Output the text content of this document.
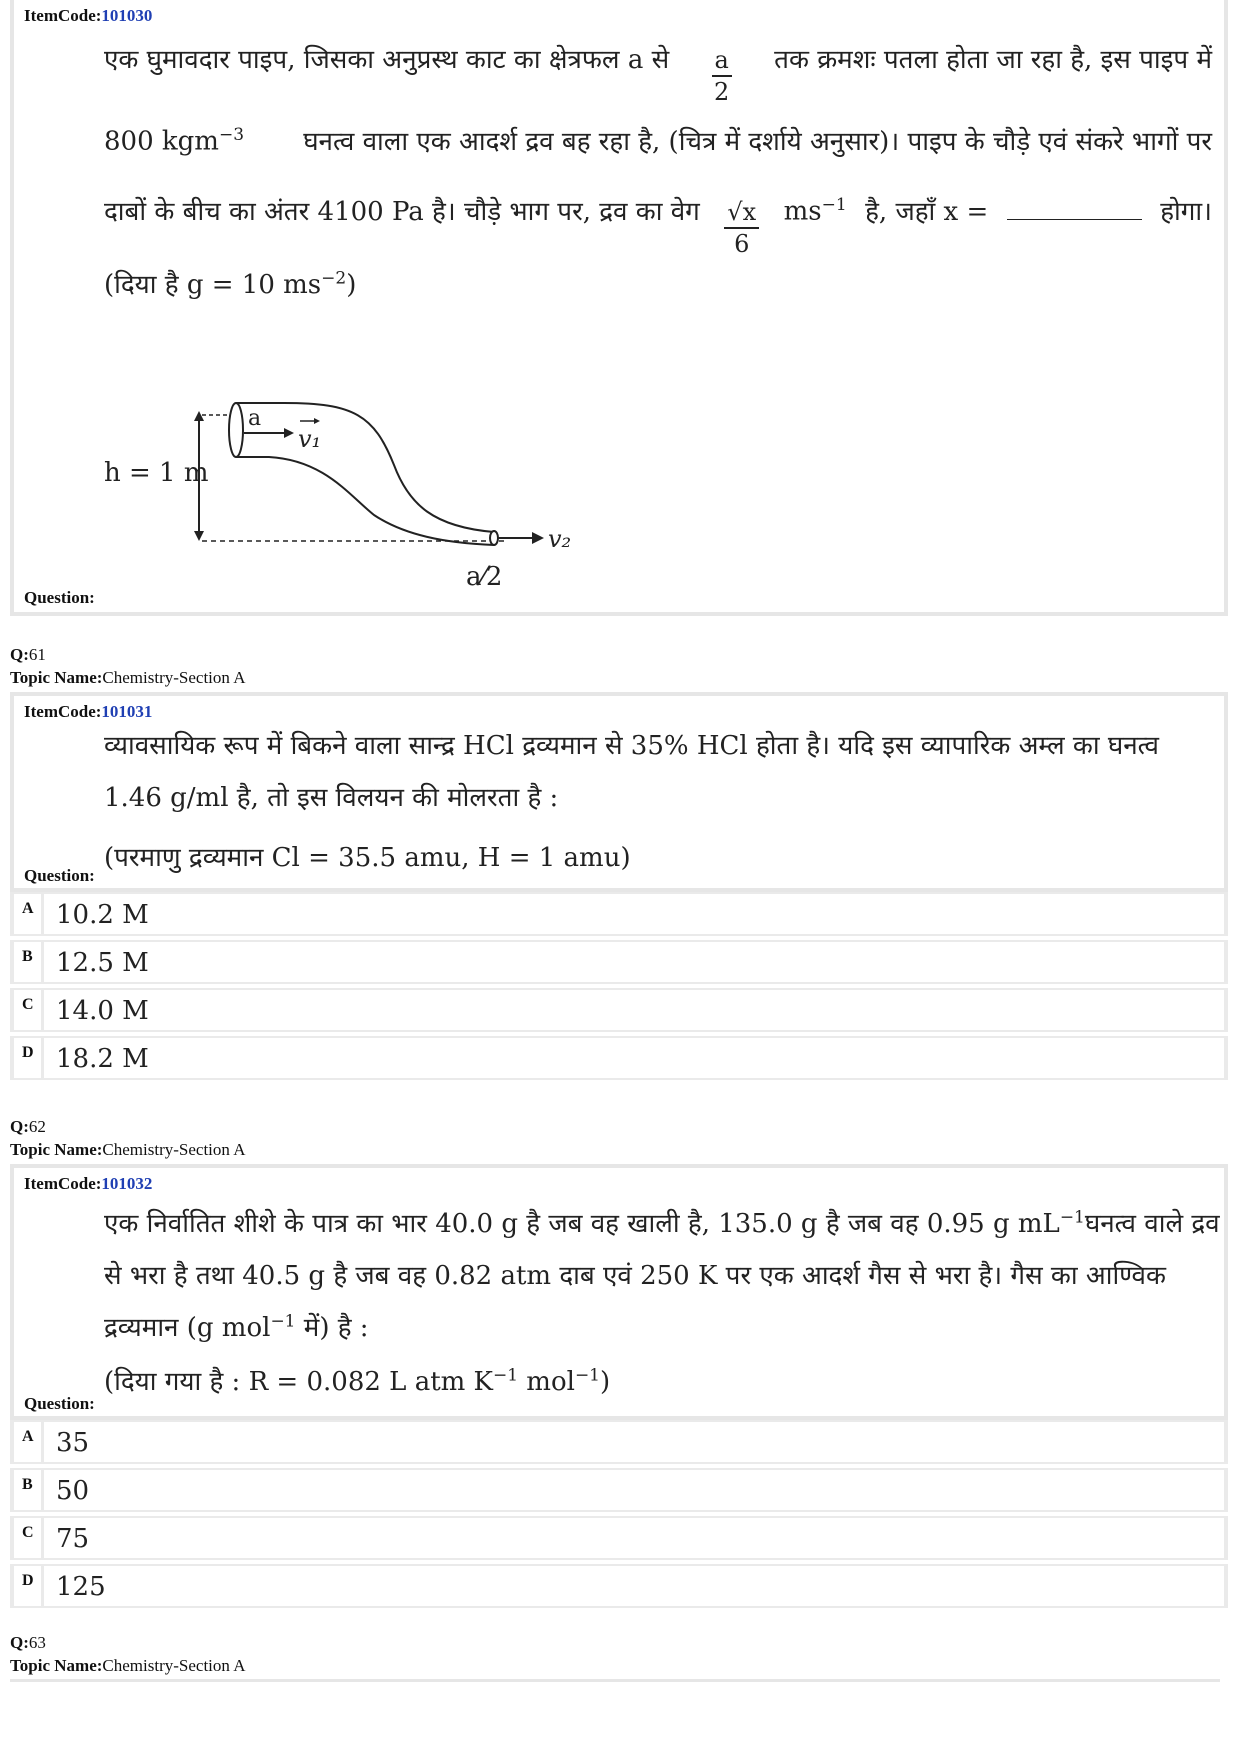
ItemCode:101030
एक घुमावदार पाइप, जिसका अनुप्रस्थ काट का क्षेत्रफल a से $\frac{a}{2}$ तक क्रमशः पतला होता जा रहा है, इस पाइप में
800 kgm$^{-3}$ घनत्व वाला एक आदर्श द्रव बह रहा है, (चित्र में दर्शाये अनुसार)। पाइप के चौड़े एवं संकरे भागों पर
दाबों के बीच का अंतर 4100 Pa है। चौड़े भाग पर, द्रव का वेग $\frac{√x}{6} ms^{-1}$ है, जहाँ x =	होगा।
(दिया है g = 10 $ms^{-2}$)
a
v₁
h = 1 m
v₂
a⁄2
Question:
Q:61
Topic Name:Chemistry-Section A
ItemCode:101031
व्यावसायिक रूप में बिकने वाला सान्द्र HCl द्रव्यमान से 35% HCl होता है। यदि इस व्यापारिक अम्ल का घनत्व
1.46 g/ml है, तो इस विलयन की मोलरता है :
(परमाणु द्रव्यमान Cl = 35.5 amu, H = 1 amu)
Question:
A 10.2 M
B 12.5 M
C 14.0 M
D 18.2 M
Q:62
Topic Name:Chemistry-Section A
ItemCode:101032
एक निर्वातित शीशे के पात्र का भार 40.0 g है जब वह खाली है, 135.0 g है जब वह 0.95 g $mL^{-1}$ घनत्व वाले द्रव
से भरा है तथा 40.5 g है जब वह 0.82 atm दाब एवं 250 K पर एक आदर्श गैस से भरा है। गैस का आण्विक
द्रव्यमान (g mol$^{-1}$ में) है :
(दिया गया है : R = 0.082 L atm $K^{-1}$ mol$^{-1}$)
Question:
A 35
B 50
C 75
D 125
Q:63
Topic Name:Chemistry-Section A
